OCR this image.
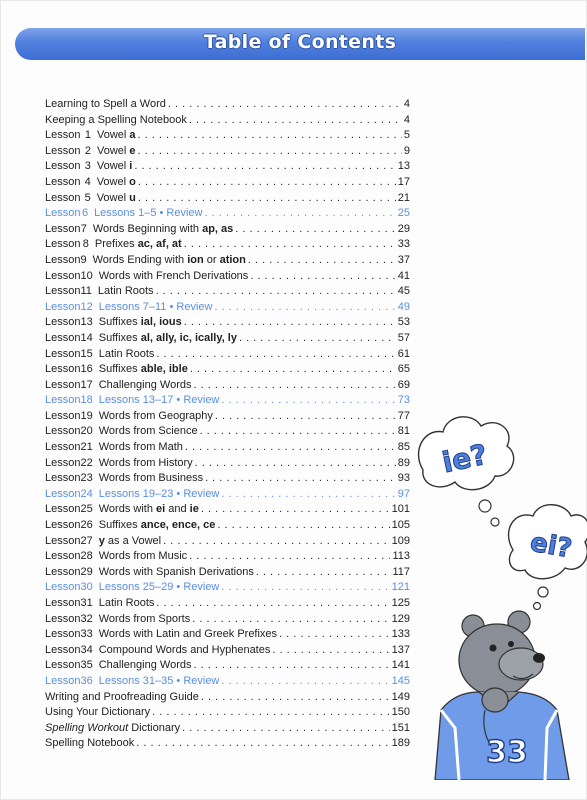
Table of Contents
Learning to Spell a Word . . .	4
Keeping a Spelling Notebook . . .	4
Lesson 1 Vowel a . . .	5
Lesson 2 Vowel e . . .	9
Lesson 3 Vowel i . . .	13
Lesson 4 Vowel o . . .	17
Lesson 5 Vowel u . . .	21
Lesson 6 Lessons 1–5 • Review . . .	25
Lesson 7 Words Beginning with ap, as . . .	29
Lesson 8 Prefixes ac, af, at . . .	33
Lesson 9 Words Ending with ion or ation . . .	37
Lesson 10 Words with French Derivations . . .	41
Lesson 11 Latin Roots . . .	45
Lesson 12 Lessons 7–11 • Review . . .	49
Lesson 13 Suffixes ial, ious . . .	53
Lesson 14 Suffixes al, ally, ic, ically, ly . . .	57
Lesson 15 Latin Roots . . .	61
Lesson 16 Suffixes able, ible . . .	65
Lesson 17 Challenging Words . . .	69
Lesson 18 Lessons 13–17 • Review . . .	73
Lesson 19 Words from Geography . . .	77
Lesson 20 Words from Science . . .	81
Lesson 21 Words from Math . . .	85
Lesson 22 Words from History . . .	89
Lesson 23 Words from Business . . .	93
Lesson 24 Lessons 19–23 • Review . . .	97
Lesson 25 Words with ei and ie . . .	101
Lesson 26 Suffixes ance, ence, ce . . .	105
Lesson 27 y as a Vowel . . .	109
Lesson 28 Words from Music . . .	113
Lesson 29 Words with Spanish Derivations . . .	117
Lesson 30 Lessons 25–29 • Review . . .	121
Lesson 31 Latin Roots . . .	125
Lesson 32 Words from Sports . . .	129
Lesson 33 Words with Latin and Greek Prefixes . . .	133
Lesson 34 Compound Words and Hyphenates . . .	137
Lesson 35 Challenging Words . . .	141
Lesson 36 Lessons 31–35 • Review . . .	145
Writing and Proofreading Guide . . .	149
Using Your Dictionary . . .	150
Spelling Workout Dictionary . . .	151
Spelling Notebook . . .	189
ie?
ei?
33
